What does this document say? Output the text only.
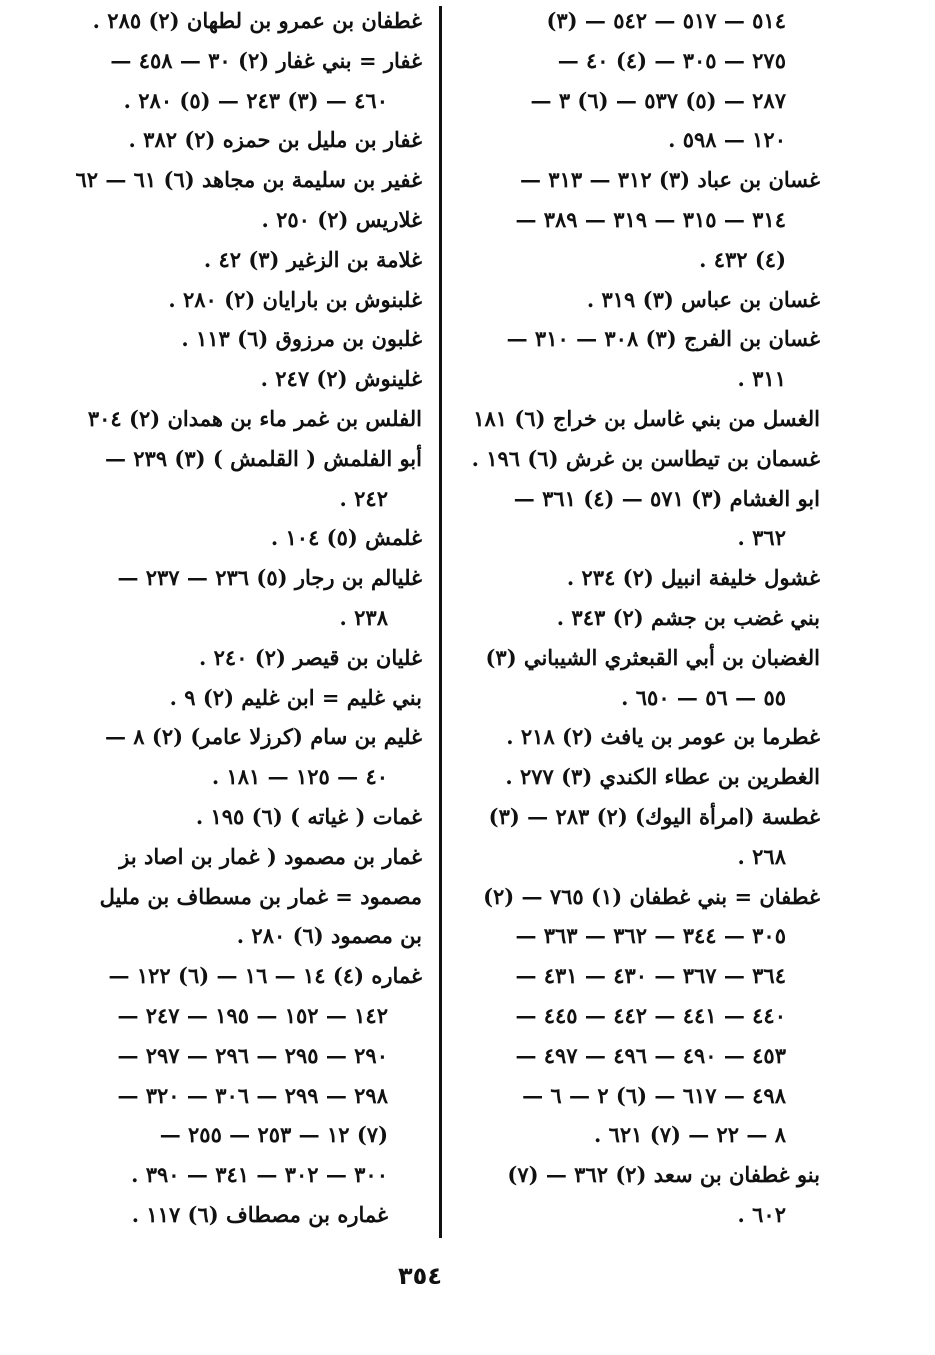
٥١٤ — ٥١٧ — ٥٤٢ — (٣)
٢٧٥ — ٣٠٥ — (٤) ٤٠ —
٢٨٧ — (٥) ٥٣٧ — (٦) ٣ —
١٢٠ — ٥٩٨ .
غسان بن عباد (٣) ٣١٢ — ٣١٣ —
٣١٤ — ٣١٥ — ٣١٩ — ٣٨٩ —
(٤) ٤٣٢ .
غسان بن عباس (٣) ٣١٩ .
غسان بن الفرج (٣) ٣٠٨ — ٣١٠ —
٣١١ .
الغسل من بني غاسل بن خراج (٦) ١٨١
غسمان بن تيطاسن بن غرش (٦) ١٩٦ .
ابو الغشام (٣) ٥٧١ — (٤) ٣٦١ —
٣٦٢ .
غشول خليفة انبيل (٢) ٢٣٤ .
بني غضب بن جشم (٢) ٣٤٣ .
الغضبان بن أبي القبعثري الشيباني (٣)
٥٥ — ٥٦ — ٦٥٠ .
غطرما بن عومر بن يافث (٢) ٢١٨ .
الغطرين بن عطاء الكندي (٣) ٢٧٧ .
غطسة (امرأة اليوك) (٢) ٢٨٣ — (٣)
٢٦٨ .
غطفان = بني غطفان (١) ٧٦٥ — (٢)
٣٠٥ — ٣٤٤ — ٣٦٢ — ٣٦٣ —
٣٦٤ — ٣٦٧ — ٤٣٠ — ٤٣١ —
٤٤٠ — ٤٤١ — ٤٤٢ — ٤٤٥ —
٤٥٣ — ٤٩٠ — ٤٩٦ — ٤٩٧ —
٤٩٨ — ٦١٧ — (٦) ٢ — ٦ —
٨ — ٢٢ — (٧) ٦٢١ .
بنو غطفان بن سعد (٢) ٣٦٢ — (٧)
٦٠٢ .
غطفان بن عمرو بن لطهان (٢) ٢٨٥ .
غفار = بني غفار (٢) ٣٠ — ٤٥٨ —
٤٦٠ — (٣) ٢٤٣ — (٥) ٢٨٠ .
غفار بن مليل بن حمزه (٢) ٣٨٢ .
غفير بن سليمة بن مجاهد (٦) ٦١ — ٦٢
غلاريس (٢) ٢٥٠ .
غلامة بن الزغير (٣) ٤٢ .
غلبنوش بن بارايان (٢) ٢٨٠ .
غلبون بن مرزوق (٦) ١١٣ .
غلينوش (٢) ٢٤٧ .
الفلس بن غمر ماء بن همدان (٢) ٣٠٤
أبو الفلمش ( القلمش ) (٣) ٢٣٩ —
٢٤٢ .
غلمش (٥) ١٠٤ .
غليالم بن رجار (٥) ٢٣٦ — ٢٣٧ —
٢٣٨ .
غليان بن قيصر (٢) ٢٤٠ .
بني غليم = ابن غليم (٢) ٩ .
غليم بن سام (كرزلا عامر) (٢) ٨ —
٤٠ — ١٢٥ — ١٨١ .
غمات ( غياته ) (٦) ١٩٥ .
غمار بن مصمود ( غمار بن اصاد بز
مصمود = غمار بن مسطاف بن مليل
بن مصمود (٦) ٢٨٠ .
غماره (٤) ١٤ — ١٦ — (٦) ١٢٢ —
١٤٢ — ١٥٢ — ١٩٥ — ٢٤٧ —
٢٩٠ — ٢٩٥ — ٢٩٦ — ٢٩٧ —
٢٩٨ — ٢٩٩ — ٣٠٦ — ٣٢٠ —
(٧) ١٢ — ٢٥٣ — ٢٥٥ —
٣٠٠ — ٣٠٢ — ٣٤١ — ٣٩٠ .
غماره بن مصطاف (٦) ١١٧ .
٣٥٤
